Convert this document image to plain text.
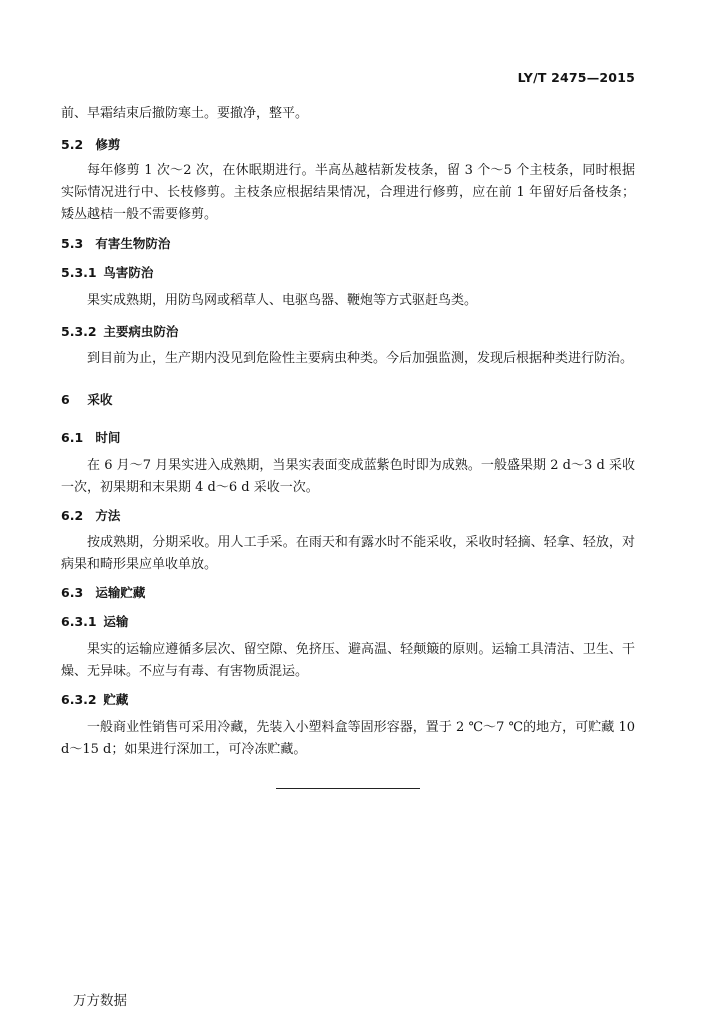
LY/T 2475—2015

前、早霜结束后撤防寒土。要撤净，整平。

5.2 修剪

每年修剪 1 次～2 次，在休眠期进行。半高丛越桔新发枝条，留 3 个～5 个主枝条，同时根据实际情况进行中、长枝修剪。主枝条应根据结果情况，合理进行修剪，应在前 1 年留好后备枝条；矮丛越桔一般不需要修剪。

5.3 有害生物防治
5.3.1 鸟害防治

果实成熟期，用防鸟网或稻草人、电驱鸟器、鞭炮等方式驱赶鸟类。

5.3.2 主要病虫防治

到目前为止，生产期内没见到危险性主要病虫种类。今后加强监测，发现后根据种类进行防治。

6 采收
6.1 时间

在 6 月～7 月果实进入成熟期，当果实表面变成蓝紫色时即为成熟。一般盛果期 2 d～3 d 采收一次，初果期和末果期 4 d～6 d 采收一次。

6.2 方法

按成熟期，分期采收。用人工手采。在雨天和有露水时不能采收，采收时轻摘、轻拿、轻放，对病果和畸形果应单收单放。

6.3 运输贮藏
6.3.1 运输

果实的运输应遵循多层次、留空隙、免挤压、避高温、轻颠簸的原则。运输工具清洁、卫生、干燥、无异味。不应与有毒、有害物质混运。

6.3.2 贮藏

一般商业性销售可采用冷藏，先装入小塑料盒等固形容器，置于 2 ℃～7 ℃的地方，可贮藏 10 d～15 d；如果进行深加工，可冷冻贮藏。

万方数据
